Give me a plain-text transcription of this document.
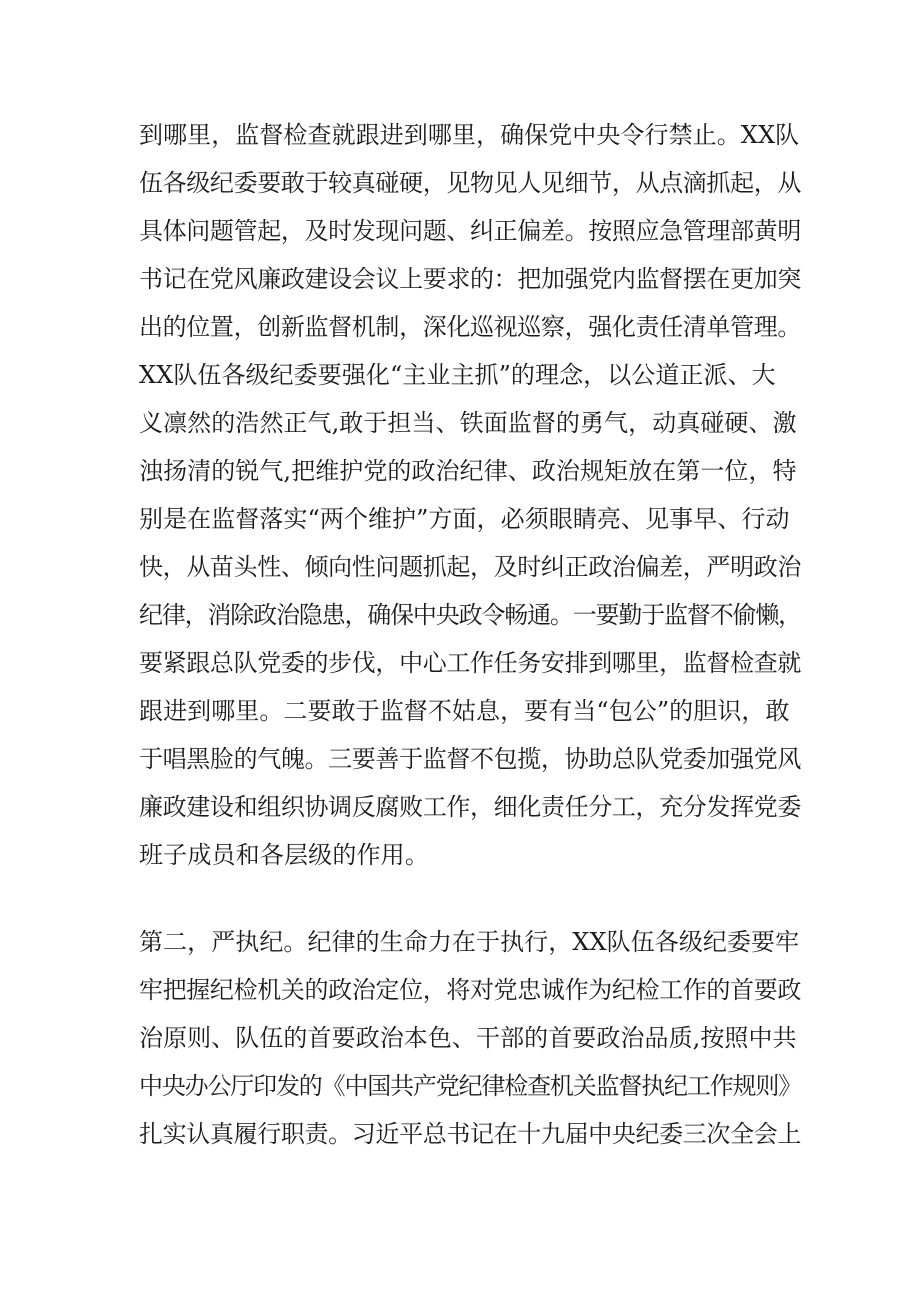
到哪里，监督检查就跟进到哪里，确保党中央令行禁止。XX队
伍各级纪委要敢于较真碰硬，见物见人见细节，从点滴抓起，从
具体问题管起，及时发现问题、纠正偏差。按照应急管理部黄明
书记在党风廉政建设会议上要求的：把加强党内监督摆在更加突
出的位置，创新监督机制，深化巡视巡察，强化责任清单管理。
XX队伍各级纪委要强化“主业主抓”的理念，以公道正派、大
义凛然的浩然正气,敢于担当、铁面监督的勇气，动真碰硬、激
浊扬清的锐气,把维护党的政治纪律、政治规矩放在第一位，特
别是在监督落实“两个维护”方面，必须眼睛亮、见事早、行动
快，从苗头性、倾向性问题抓起，及时纠正政治偏差，严明政治
纪律，消除政治隐患，确保中央政令畅通。一要勤于监督不偷懒，
要紧跟总队党委的步伐，中心工作任务安排到哪里，监督检查就
跟进到哪里。二要敢于监督不姑息，要有当“包公”的胆识，敢
于唱黑脸的气魄。三要善于监督不包揽，协助总队党委加强党风
廉政建设和组织协调反腐败工作，细化责任分工，充分发挥党委
班子成员和各层级的作用。
第二，严执纪。纪律的生命力在于执行，XX队伍各级纪委要牢
牢把握纪检机关的政治定位，将对党忠诚作为纪检工作的首要政
治原则、队伍的首要政治本色、干部的首要政治品质,按照中共
中央办公厅印发的《中国共产党纪律检查机关监督执纪工作规则》
扎实认真履行职责。习近平总书记在十九届中央纪委三次全会上
